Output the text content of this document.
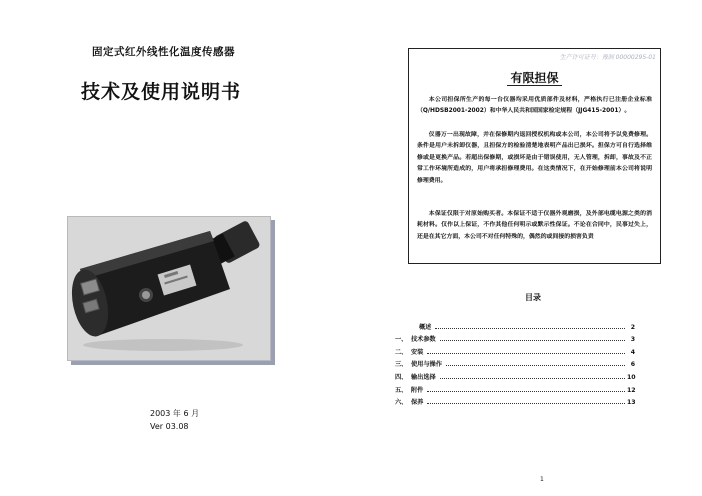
固定式红外线性化温度传感器
技术及使用说明书
2003 年 6 月
Ver 03.08
生产许可证号：豫制 00000295-01
有限担保

本公司担保所生产的每一台仪器均采用优质部件及材料，严格执行已注册企业标准（Q/HDSB2001-2002）和中华人民共和国国家检定规程（JJG415-2001）。

仪器万一出现故障，并在保修期内退回授权机构或本公司，本公司将予以免费修理。条件是用户未拆卸仪器，且担保方的检验清楚地表明产品出已损坏。担保方可自行选择维修或是更换产品。若超出保修期，或损坏是由于错误使用，无人管理，拆卸，事故及不正常工作环境所造成的，用户将承担修理费用。在这类情况下，在开始修理前本公司将说明修理费用。

本保证仅限于对原始购买者。本保证不适于仪器外观磨损，及外部电缆电源之类的消耗材料。仅作以上保证，不作其他任何明示或默示性保证。不论在合同中，民事过失上，还是在其它方面，本公司不对任何特殊的，偶然的或间接的损害负责

目录
概述	2
一、 技术参数	3
二、 安装	4
三、 使用与操作	6
四、 输出选择	10
五、 附件	12
六、 保养	13
1
